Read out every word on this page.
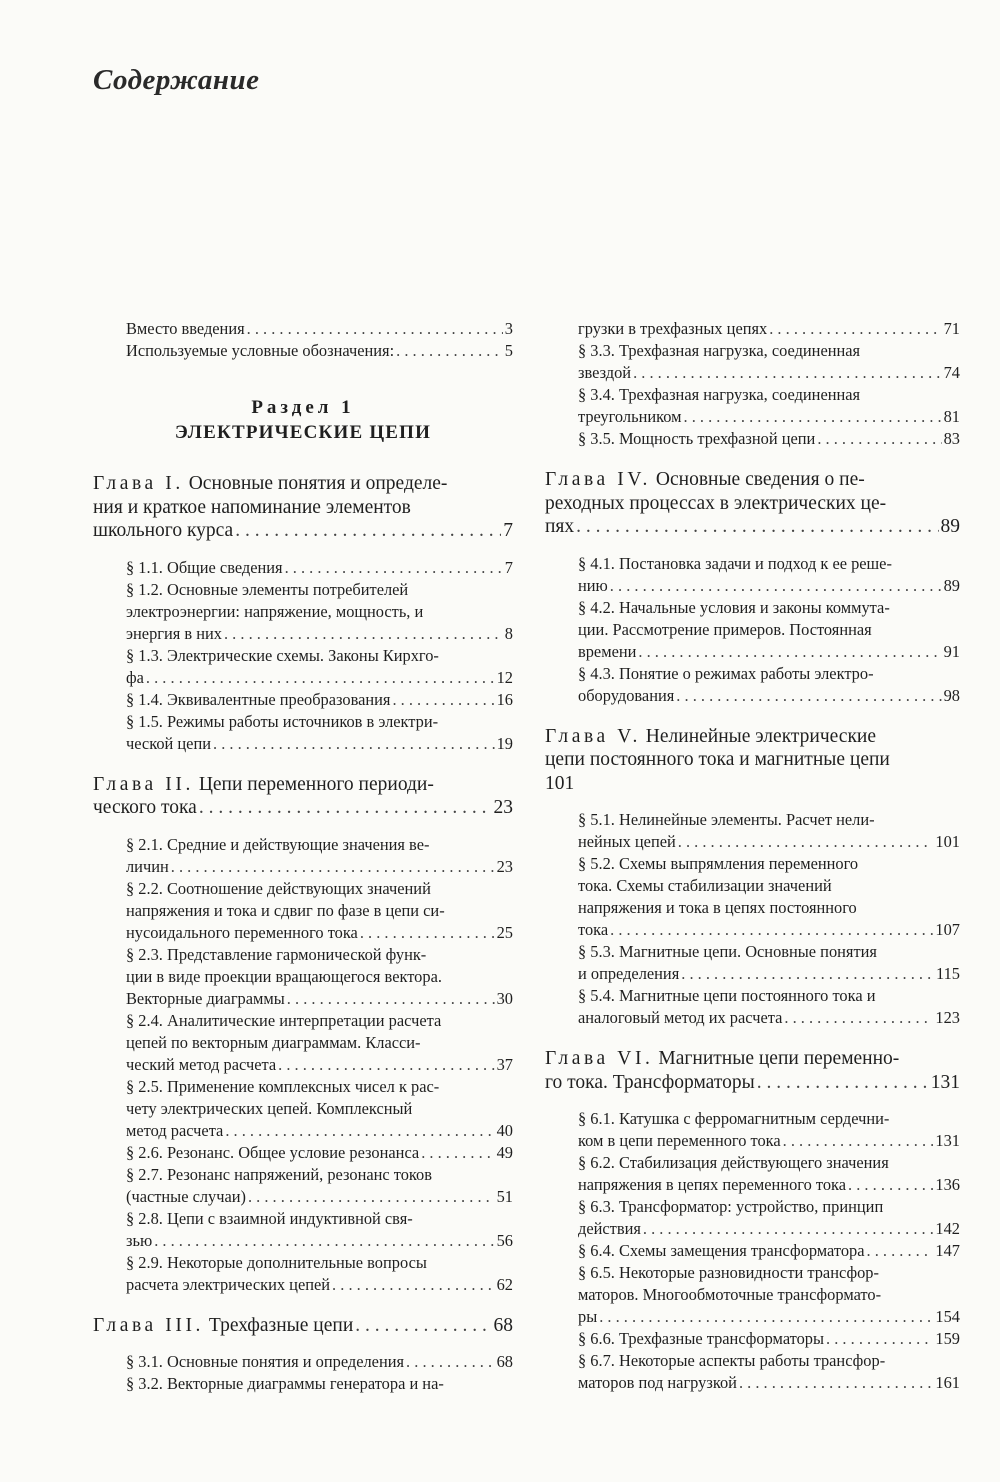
Содержание
Вместо введения . . .	3
Используемые условные обозначения: . . .	5
Раздел 1
ЭЛЕКТРИЧЕСКИЕ ЦЕПИ
Глава I. Основные понятия и определе-
ния и краткое напоминание элементов
школьного курса . . .	7
§ 1.1. Общие сведения . . .	7
§ 1.2. Основные элементы потребителей
электроэнергии: напряжение, мощность, и
энергия в них . . .	8
§ 1.3. Электрические схемы. Законы Кирхго-
фа . . .	12
§ 1.4. Эквивалентные преобразования . . .	16
§ 1.5. Режимы работы источников в электри-
ческой цепи . . .	19
Глава II. Цепи переменного периоди-
ческого тока . . .	23
§ 2.1. Средние и действующие значения ве-
личин . . .	23
§ 2.2. Соотношение действующих значений
напряжения и тока и сдвиг по фазе в цепи си-
нусоидального переменного тока . . .	25
§ 2.3. Представление гармонической функ-
ции в виде проекции вращающегося вектора.
Векторные диаграммы . . .	30
§ 2.4. Аналитические интерпретации расчета
цепей по векторным диаграммам. Класси-
ческий метод расчета . . .	37
§ 2.5. Применение комплексных чисел к рас-
чету электрических цепей. Комплексный
метод расчета . . .	40
§ 2.6. Резонанс. Общее условие резонанса . . .	49
§ 2.7. Резонанс напряжений, резонанс токов
(частные случаи) . . .	51
§ 2.8. Цепи с взаимной индуктивной свя-
зью . . .	56
§ 2.9. Некоторые дополнительные вопросы
расчета электрических цепей . . .	62
Глава III.
Трехфазные цепи . . .	68
§ 3.1. Основные понятия и определения . . .	68
§ 3.2. Векторные диаграммы генератора и на-
грузки в трехфазных цепях . . .	71
§ 3.3. Трехфазная нагрузка, соединенная
звездой . . .	74
§ 3.4. Трехфазная нагрузка, соединенная
треугольником . . .	81
§ 3.5. Мощность трехфазной цепи . . .	83
Глава IV. Основные сведения о пе-
реходных процессах в электрических це-
пях . . .	89
§ 4.1. Постановка задачи и подход к ее реше-
нию . . .	89
§ 4.2. Начальные условия и законы коммута-
ции. Рассмотрение примеров. Постоянная
времени . . .	91
§ 4.3. Понятие о режимах работы электро-
оборудования . . .	98
Глава V. Нелинейные электрические
цепи постоянного тока и магнитные цепи
101
§ 5.1. Нелинейные элементы. Расчет нели-
нейных цепей . . .	101
§ 5.2. Схемы выпрямления переменного
тока. Схемы стабилизации значений
напряжения и тока в цепях постоянного
тока . . .	107
§ 5.3. Магнитные цепи. Основные понятия
и определения . . .	115
§ 5.4. Магнитные цепи постоянного тока и
аналоговый метод их расчета . . .	123
Глава VI. Магнитные цепи переменно-
го тока. Трансформаторы . . .	131
§ 6.1. Катушка с ферромагнитным сердечни-
ком в цепи переменного тока . . .	131
§ 6.2. Стабилизация действующего значения
напряжения в цепях переменного тока . . .	136
§ 6.3. Трансформатор: устройство, принцип
действия . . .	142
§ 6.4. Схемы замещения трансформатора . . .	147
§ 6.5. Некоторые разновидности трансфор-
маторов. Многообмоточные трансформато-
ры . . .	154
§ 6.6. Трехфазные трансформаторы . . .	159
§ 6.7. Некоторые аспекты работы трансфор-
маторов под нагрузкой . . .	161
